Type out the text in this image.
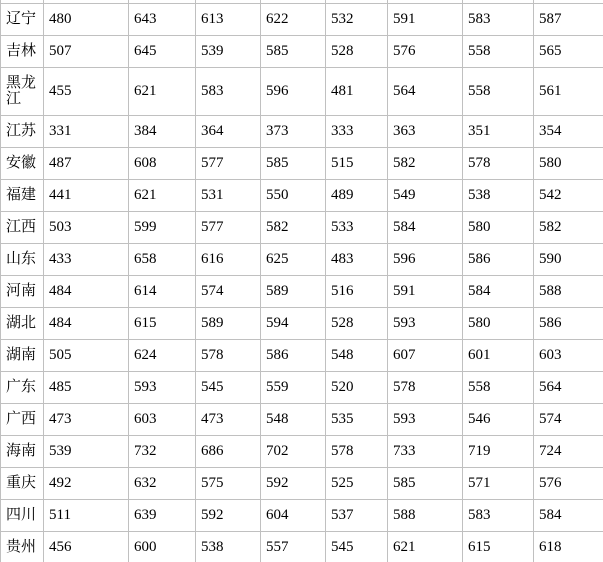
辽宁	480	643	613	622	532	591	583	587
吉林	507	645	539	585	528	576	558	565
黑龙江	455	621	583	596	481	564	558	561
江苏	331	384	364	373	333	363	351	354
安徽	487	608	577	585	515	582	578	580
福建	441	621	531	550	489	549	538	542
江西	503	599	577	582	533	584	580	582
山东	433	658	616	625	483	596	586	590
河南	484	614	574	589	516	591	584	588
湖北	484	615	589	594	528	593	580	586
湖南	505	624	578	586	548	607	601	603
广东	485	593	545	559	520	578	558	564
广西	473	603	473	548	535	593	546	574
海南	539	732	686	702	578	733	719	724
重庆	492	632	575	592	525	585	571	576
四川	511	639	592	604	537	588	583	584
贵州	456	600	538	557	545	621	615	618
